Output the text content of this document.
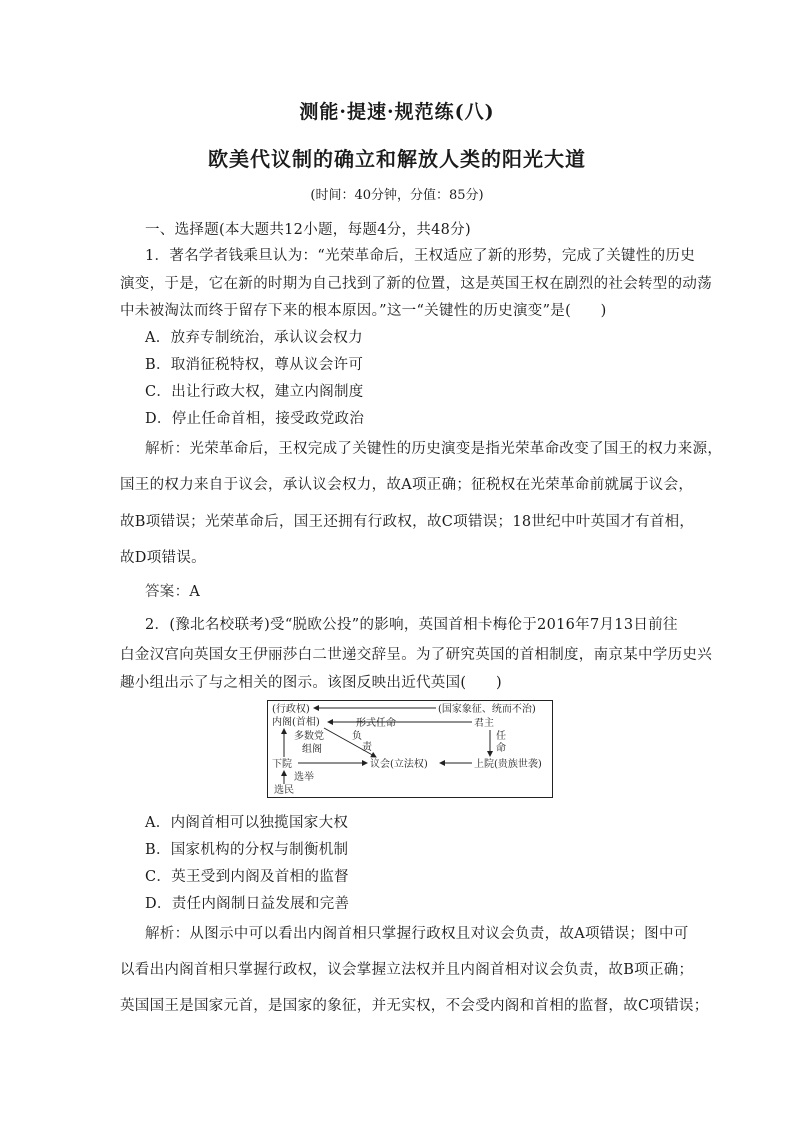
测能·提速·规范练(八)
欧美代议制的确立和解放人类的阳光大道
(时间：40分钟，分值：85分)
一、选择题(本大题共12小题，每题4分，共48分)
1．著名学者钱乘旦认为：“光荣革命后，王权适应了新的形势，完成了关键性的历史
演变，于是，它在新的时期为自己找到了新的位置，这是英国王权在剧烈的社会转型的动荡
中未被淘汰而终于留存下来的根本原因。”这一“关键性的历史演变”是(　　)
A．放弃专制统治，承认议会权力
B．取消征税特权，尊从议会许可
C．出让行政大权，建立内阁制度
D．停止任命首相，接受政党政治
解析：光荣革命后，王权完成了关键性的历史演变是指光荣革命改变了国王的权力来源，
国王的权力来自于议会，承认议会权力，故A项正确；征税权在光荣革命前就属于议会，
故B项错误；光荣革命后，国王还拥有行政权，故C项错误；18世纪中叶英国才有首相，
故D项错误。
答案：A
2．(豫北名校联考)受“脱欧公投”的影响，英国首相卡梅伦于2016年7月13日前往
白金汉宫向英国女王伊丽莎白二世递交辞呈。为了研究英国的首相制度，南京某中学历史兴
趣小组出示了与之相关的图示。该图反映出近代英国(　　)
(行政权)
内阁(首相)
(国家象征、统而不治)
形式任命	君主
多数党
组阁
负
责
任
命
下院	议会(立法权)	上院(贵族世袭)
选举
选民
A．内阁首相可以独揽国家大权
B．国家机构的分权与制衡机制
C．英王受到内阁及首相的监督
D．责任内阁制日益发展和完善
解析：从图示中可以看出内阁首相只掌握行政权且对议会负责，故A项错误；图中可
以看出内阁首相只掌握行政权，议会掌握立法权并且内阁首相对议会负责，故B项正确；
英国国王是国家元首，是国家的象征，并无实权，不会受内阁和首相的监督，故C项错误；
